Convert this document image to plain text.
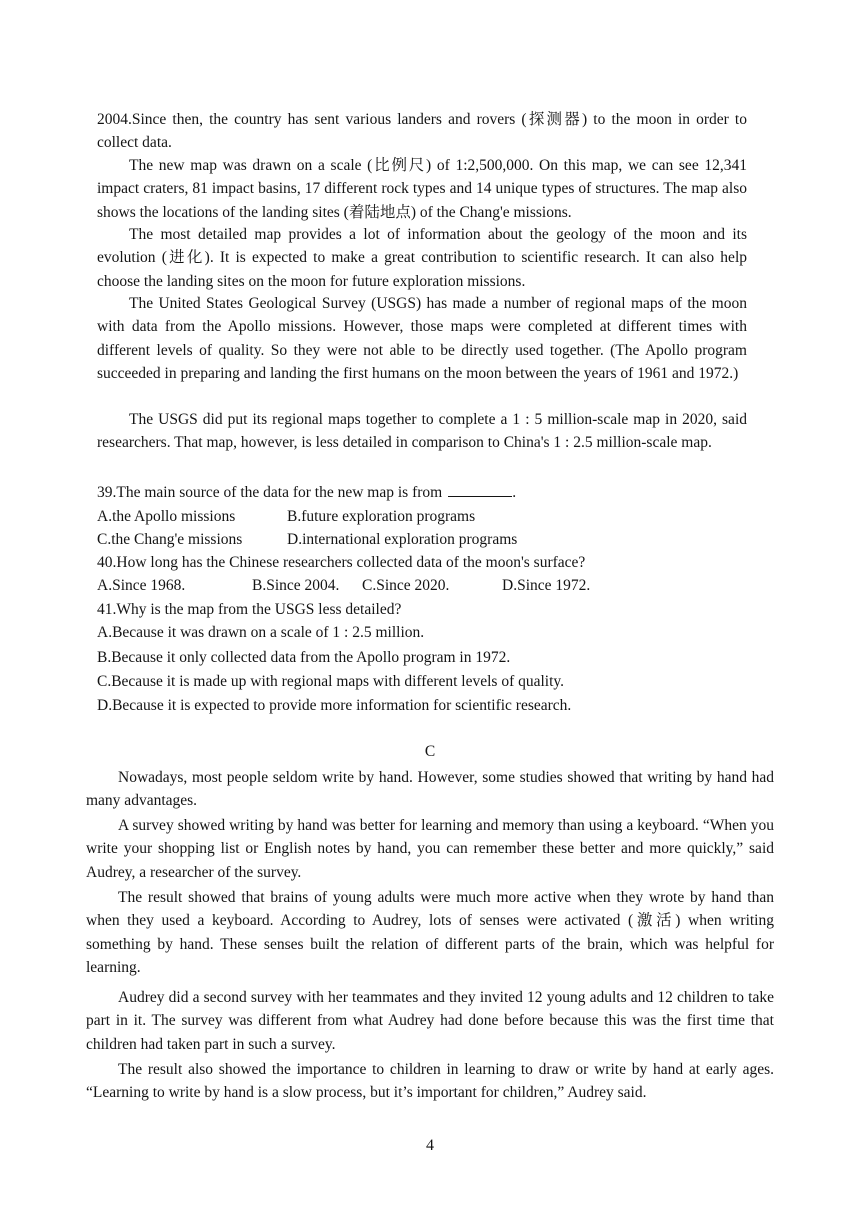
2004.Since then, the country has sent various landers and rovers (探测器) to the moon in order to collect data.

The new map was drawn on a scale (比例尺) of 1:2,500,000. On this map, we can see 12,341 impact craters, 81 impact basins, 17 different rock types and 14 unique types of structures. The map also shows the locations of the landing sites (着陆地点) of the Chang'e missions.

The most detailed map provides a lot of information about the geology of the moon and its evolution (进化). It is expected to make a great contribution to scientific research. It can also help choose the landing sites on the moon for future exploration missions.

The United States Geological Survey (USGS) has made a number of regional maps of the moon with data from the Apollo missions. However, those maps were completed at different times with different levels of quality. So they were not able to be directly used together. (The Apollo program succeeded in preparing and landing the first humans on the moon between the years of 1961 and 1972.)

The USGS did put its regional maps together to complete a 1 : 5 million-scale map in 2020, said researchers. That map, however, is less detailed in comparison to China's 1 : 2.5 million-scale map.

39.The main source of the data for the new map is from	.
A.the Apollo missions	B.future exploration programs
C.the Chang'e missions	D.international exploration programs
40.How long has the Chinese researchers collected data of the moon's surface?
A.Since 1968.	B.Since 2004. C.Since 2020.	D.Since 1972.
41.Why is the map from the USGS less detailed?
A.Because it was drawn on a scale of 1 : 2.5 million.
B.Because it only collected data from the Apollo program in 1972.
C.Because it is made up with regional maps with different levels of quality.
D.Because it is expected to provide more information for scientific research.
C

Nowadays, most people seldom write by hand. However, some studies showed that writing by hand had many advantages.

A survey showed writing by hand was better for learning and memory than using a keyboard. “When you write your shopping list or English notes by hand, you can remember these better and more quickly,” said Audrey, a researcher of the survey.

The result showed that brains of young adults were much more active when they wrote by hand than when they used a keyboard. According to Audrey, lots of senses were activated (激活) when writing something by hand. These senses built the relation of different parts of the brain, which was helpful for learning.

Audrey did a second survey with her teammates and they invited 12 young adults and 12 children to take part in it. The survey was different from what Audrey had done before because this was the first time that children had taken part in such a survey.

The result also showed the importance to children in learning to draw or write by hand at early ages. “Learning to write by hand is a slow process, but it’s important for children,” Audrey said.

4
